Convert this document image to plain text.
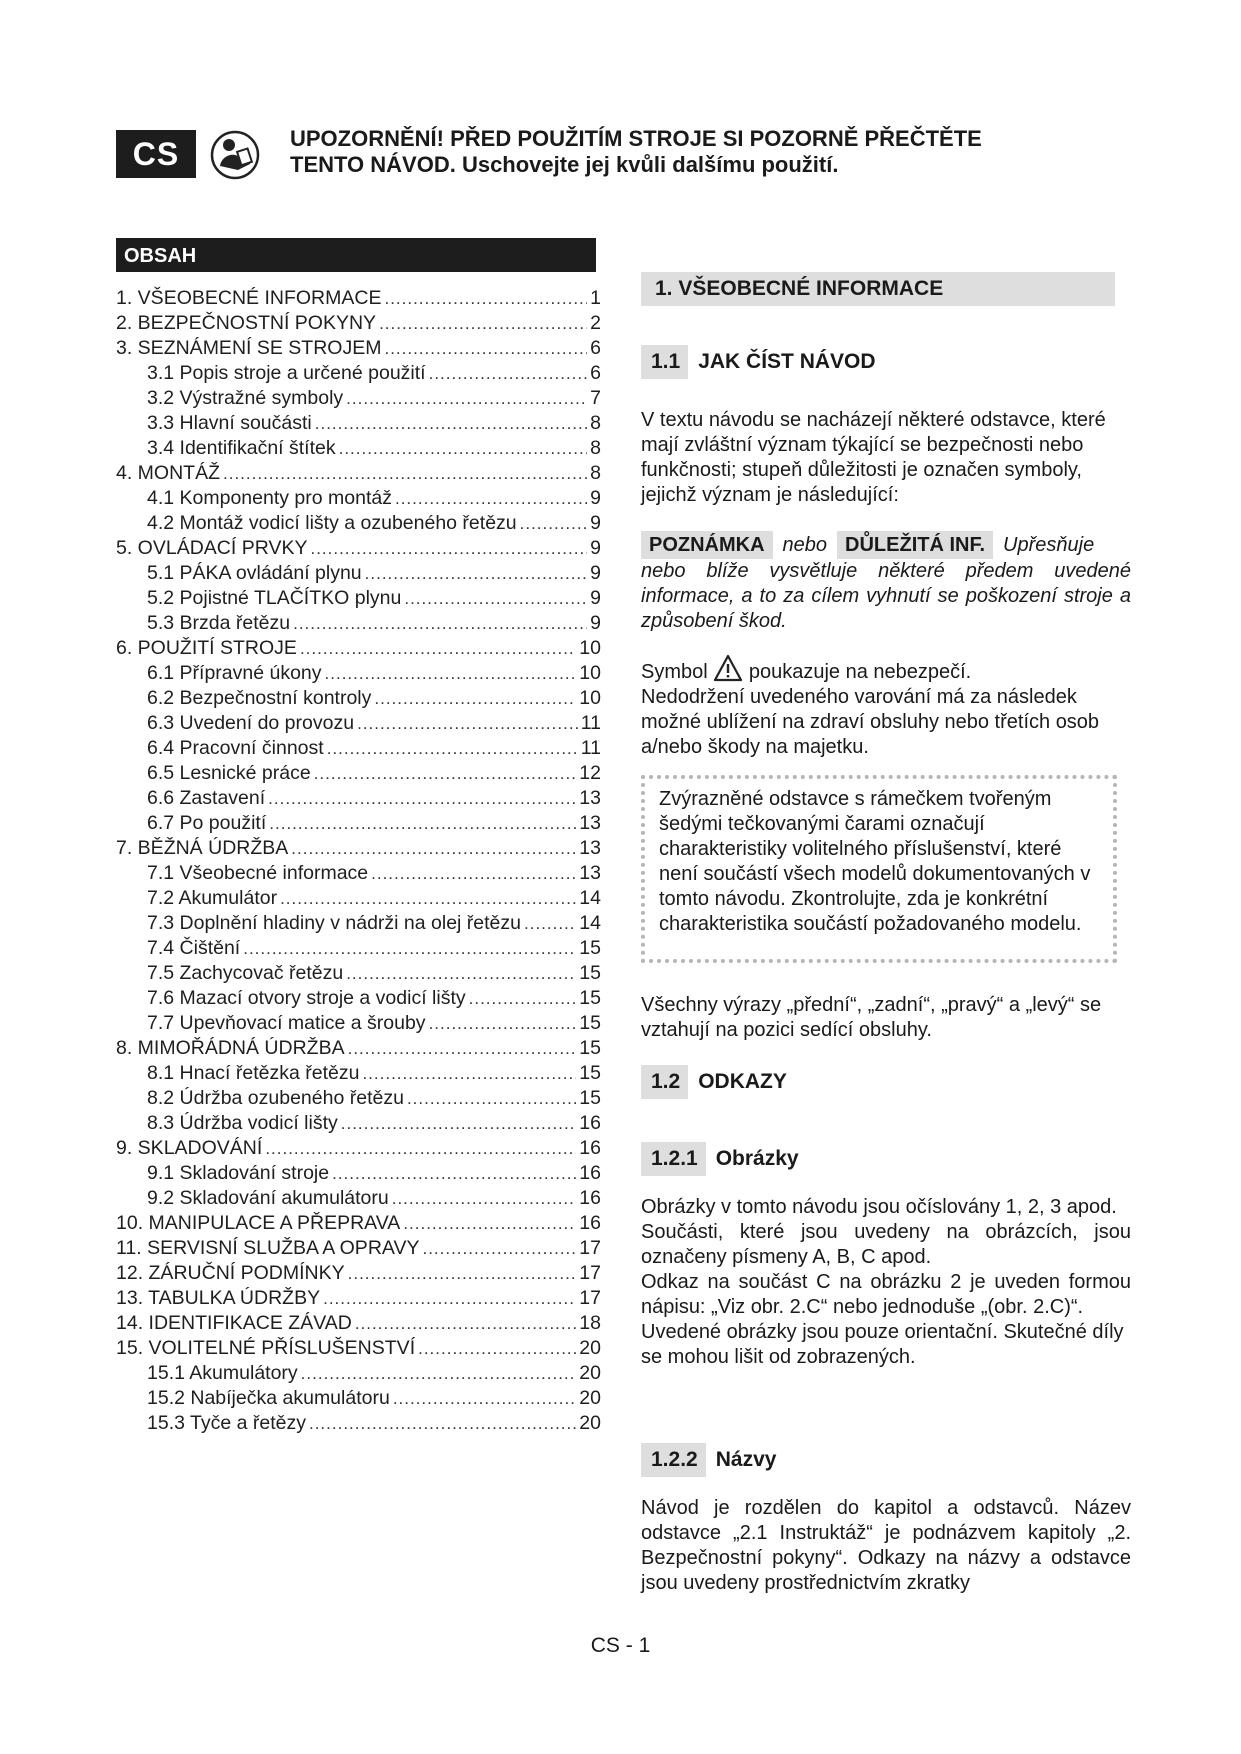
CS	UPOZORNĚNÍ! PŘED POUŽITÍM STROJE SI POZORNĚ PŘEČTĚTE
TENTO NÁVOD. Uschovejte jej kvůli dalšímu použití.
OBSAH
1. VŠEOBECNÉ INFORMACE .....	1
2. BEZPEČNOSTNÍ POKYNY .....	2
3. SEZNÁMENÍ SE STROJEM .....	6
3.1 Popis stroje a určené použití .....	6
3.2 Výstražné symboly .....	7
3.3 Hlavní součásti .....	8
3.4 Identifikační štítek .....	8
4. MONTÁŽ .....	8
4.1 Komponenty pro montáž .....	9
4.2 Montáž vodicí lišty a ozubeného řetězu .....	9
5. OVLÁDACÍ PRVKY .....	9
5.1 PÁKA ovládání plynu .....	9
5.2 Pojistné TLAČÍTKO plynu .....	9
5.3 Brzda řetězu .....	9
6. POUŽITÍ STROJE .....	10
6.1 Přípravné úkony .....	10
6.2 Bezpečnostní kontroly .....	10
6.3 Uvedení do provozu .....	11
6.4 Pracovní činnost .....	11
6.5 Lesnické práce .....	12
6.6 Zastavení .....	13
6.7 Po použití .....	13
7. BĚŽNÁ ÚDRŽBA .....	13
7.1 Všeobecné informace .....	13
7.2 Akumulátor .....	14
7.3 Doplnění hladiny v nádrži na olej řetězu .....	14
7.4 Čištění .....	15
7.5 Zachycovač řetězu .....	15
7.6 Mazací otvory stroje a vodicí lišty .....	15
7.7 Upevňovací matice a šrouby .....	15
8. MIMOŘÁDNÁ ÚDRŽBA .....	15
8.1 Hnací řetězka řetězu .....	15
8.2 Údržba ozubeného řetězu .....	15
8.3 Údržba vodicí lišty .....	16
9. SKLADOVÁNÍ .....	16
9.1 Skladování stroje .....	16
9.2 Skladování akumulátoru .....	16
10. MANIPULACE A PŘEPRAVA .....	16
11. SERVISNÍ SLUŽBA A OPRAVY .....	17
12. ZÁRUČNÍ PODMÍNKY .....	17
13. TABULKA ÚDRŽBY .....	17
14. IDENTIFIKACE ZÁVAD .....	18
15. VOLITELNÉ PŘÍSLUŠENSTVÍ .....	20
15.1 Akumulátory .....	20
15.2 Nabíječka akumulátoru .....	20
15.3 Tyče a řetězy .....	20
1. VŠEOBECNÉ INFORMACE
1.1 JAK ČÍST NÁVOD
V textu návodu se nacházejí některé odstavce, které mají zvláštní význam týkající se bezpečnosti nebo funkčnosti; stupeň důležitosti je označen symboly, jejichž význam je následující:
POZNÁMKA nebo DŮLEŽITÁ INF. Upřesňuje
nebo blíže vysvětluje některé předem uvedené informace, a to za cílem vyhnutí se poškození stroje a způsobení škod.
Symbol poukazuje na nebezpečí.
Nedodržení uvedeného varování má za následek možné ublížení na zdraví obsluhy nebo třetích osob a/nebo škody na majetku.
Zvýrazněné odstavce s rámečkem tvořeným šedými tečkovanými čarami označují charakteristiky volitelného příslušenství, které není součástí všech modelů dokumentovaných v tomto návodu. Zkontrolujte, zda je konkrétní charakteristika součástí požadovaného modelu.
Všechny výrazy „přední“, „zadní“, „pravý“ a „levý“ se vztahují na pozici sedící obsluhy.
1.2 ODKAZY
1.2.1 Obrázky
Obrázky v tomto návodu jsou očíslovány 1, 2, 3 apod.
Součásti, které jsou uvedeny na obrázcích, jsou označeny písmeny A, B, C apod.
Odkaz na součást C na obrázku 2 je uveden formou nápisu: „Viz obr. 2.C“ nebo jednoduše „(obr. 2.C)“.
Uvedené obrázky jsou pouze orientační. Skutečné díly se mohou lišit od zobrazených.
1.2.2 Názvy
Návod je rozdělen do kapitol a odstavců. Název odstavce „2.1 Instruktáž“ je podnázvem kapitoly „2. Bezpečnostní pokyny“. Odkazy na názvy a odstavce jsou uvedeny prostřednictvím zkratky
CS - 1
